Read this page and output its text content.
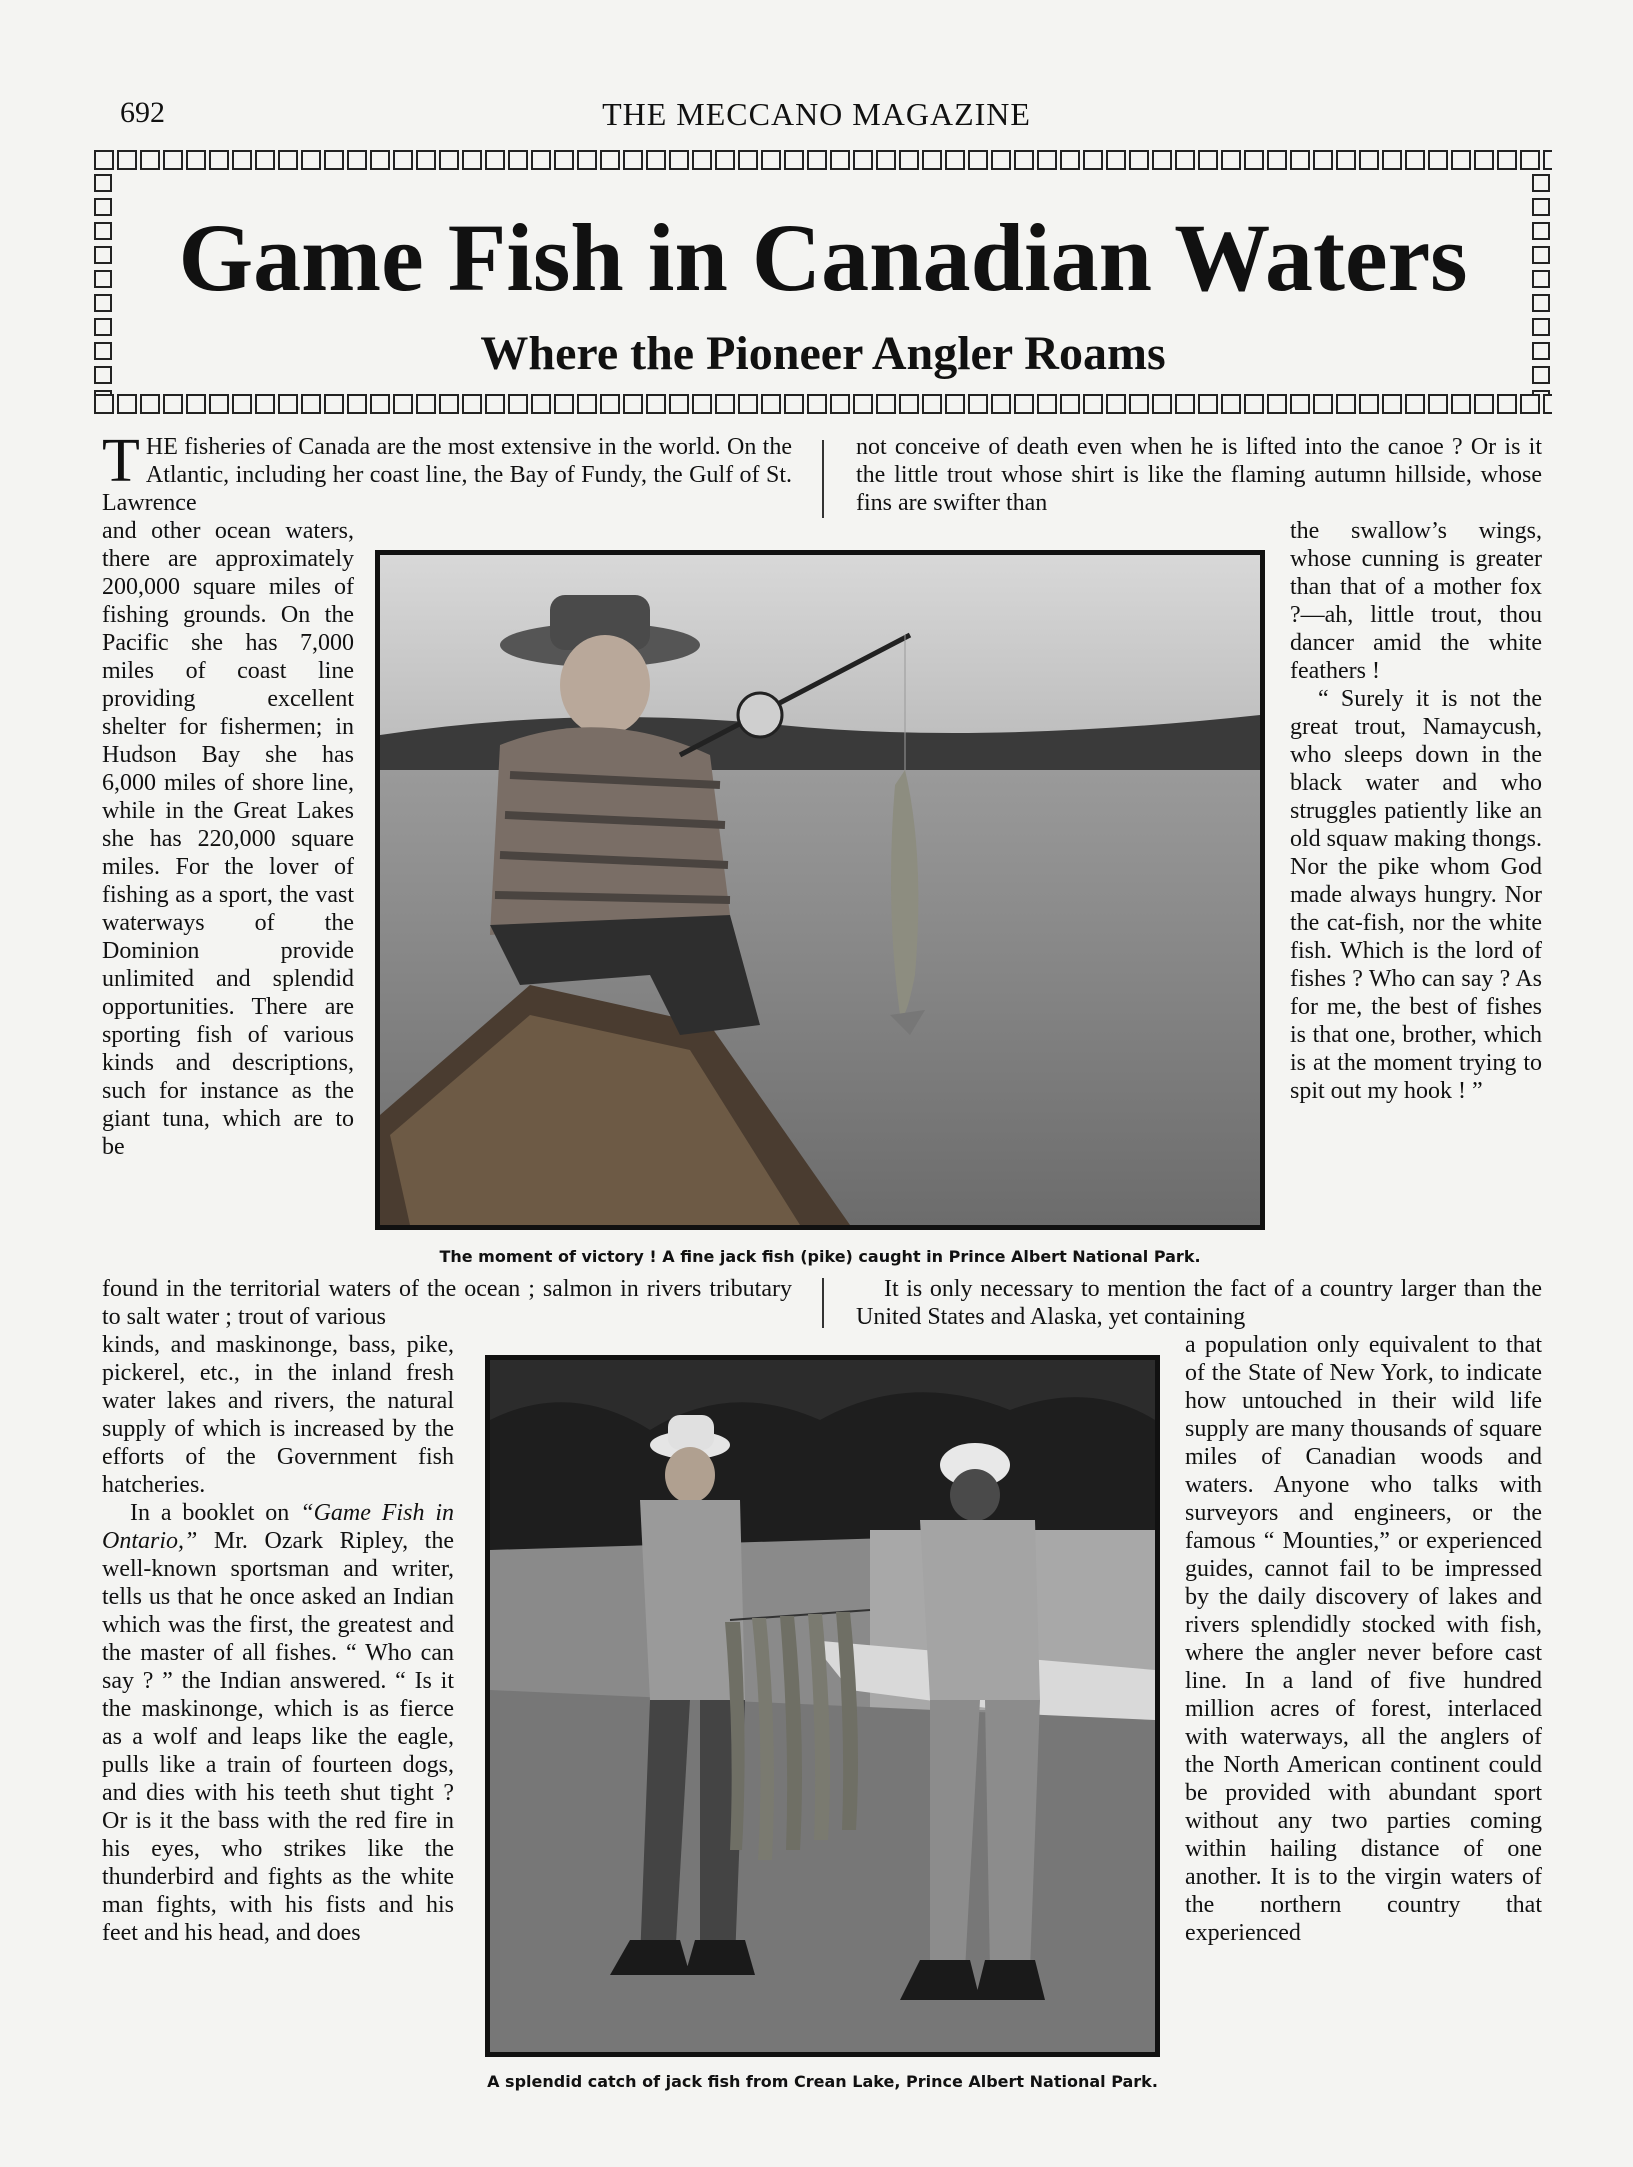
692	THE MECCANO MAGAZINE
Game Fish in Canadian Waters
Where the Pioneer Angler Roams
THE fisheries of Canada are the most extensive in the world. On the Atlantic, including her coast line, the Bay of Fundy, the Gulf of St. Lawrence
not conceive of death even when he is lifted into the canoe ? Or is it the little trout whose shirt is like the flaming autumn hillside, whose fins are swifter than
and other ocean waters, there are approximately 200,000 square miles of fishing grounds. On the Pacific she has 7,000 miles of coast line providing excellent shelter for fishermen; in Hudson Bay she has 6,000 miles of shore line, while in the Great Lakes she has 220,000 square miles. For the lover of fishing as a sport, the vast waterways of the Dominion provide unlimited and splendid opportunities. There are sporting fish of various kinds and descriptions, such for instance as the giant tuna, which are to be

the swallow’s wings, whose cunning is greater than that of a mother fox ?—ah, little trout, thou dancer amid the white feathers !

“ Surely it is not the great trout, Namaycush, who sleeps down in the black water and who struggles patiently like an old squaw making thongs. Nor the pike whom God made always hungry. Nor the cat-fish, nor the white fish. Which is the lord of fishes ? Who can say ? As for me, the best of fishes is that one, brother, which is at the moment trying to spit out my hook ! ”

The moment of victory ! A fine jack fish (pike) caught in Prince Albert National Park.
found in the territorial waters of the ocean ; salmon in rivers tributary to salt water ; trout of various
It is only necessary to mention the fact of a country larger than the United States and Alaska, yet containing

kinds, and maskinonge, bass, pike, pickerel, etc., in the inland fresh water lakes and rivers, the natural supply of which is increased by the efforts of the Government fish hatcheries.

In a booklet on “Game Fish in Ontario,” Mr. Ozark Ripley, the well-known sportsman and writer, tells us that he once asked an Indian which was the first, the greatest and the master of all fishes. “ Who can say ? ” the Indian answered. “ Is it the maskinonge, which is as fierce as a wolf and leaps like the eagle, pulls like a train of fourteen dogs, and dies with his teeth shut tight ? Or is it the bass with the red fire in his eyes, who strikes like the thunderbird and fights as the white man fights, with his fists and his feet and his head, and does

a population only equivalent to that of the State of New York, to indicate how untouched in their wild life supply are many thousands of square miles of Canadian woods and waters. Anyone who talks with surveyors and engineers, or the famous “ Mounties,” or experienced guides, cannot fail to be impressed by the daily discovery of lakes and rivers splendidly stocked with fish, where the angler never before cast line. In a land of five hundred million acres of forest, interlaced with waterways, all the anglers of the North American continent could be provided with abundant sport without any two parties coming within hailing distance of one another. It is to the virgin waters of the northern country that experienced
A splendid catch of jack fish from Crean Lake, Prince Albert National Park.
